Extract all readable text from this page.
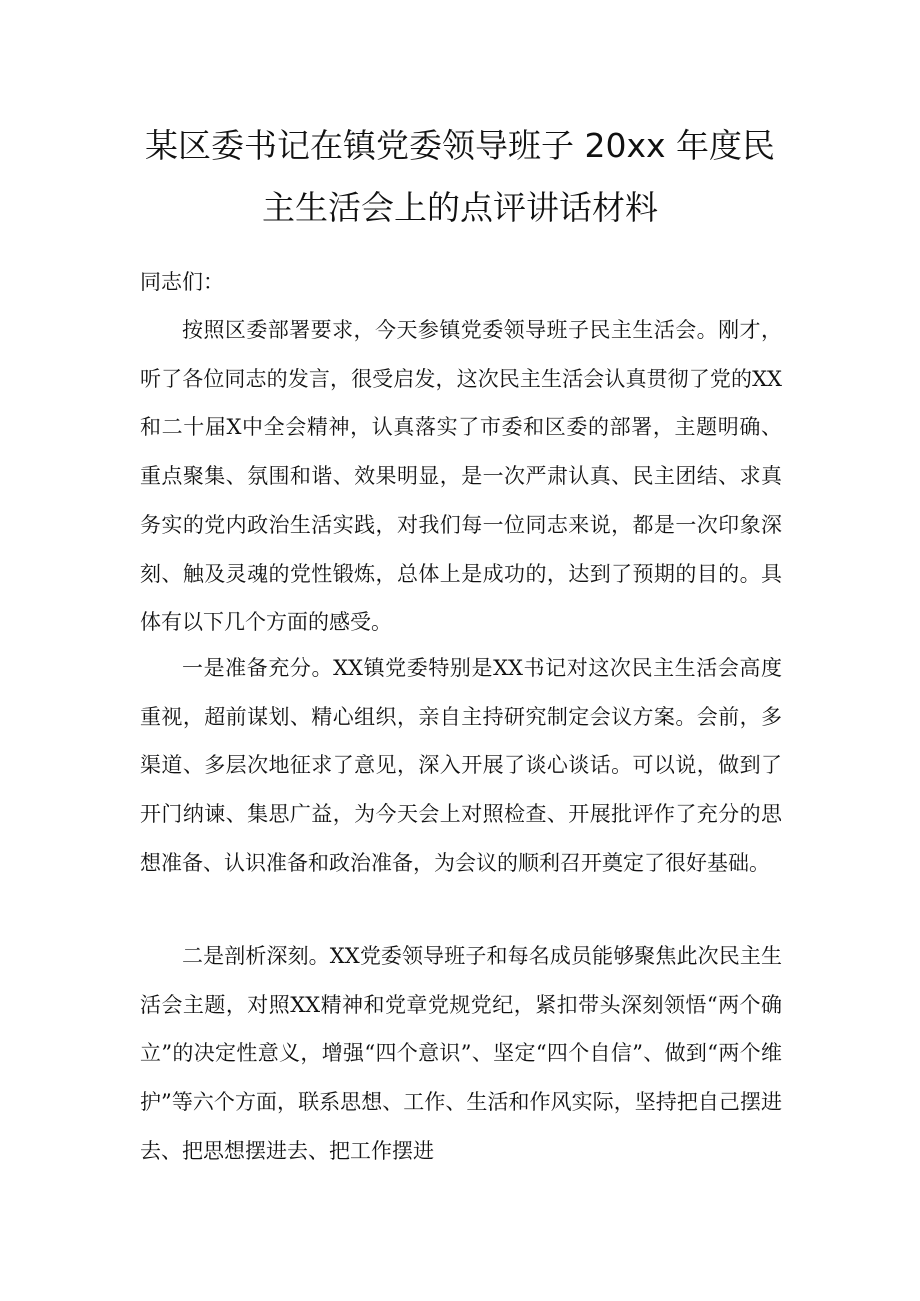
某区委书记在镇党委领导班子 20xx 年度民
主生活会上的点评讲话材料

同志们：

按照区委部署要求，今天参镇党委领导班子民主生活会。刚才，听了各位同志的发言，很受启发，这次民主生活会认真贯彻了党的XX和二十届X中全会精神，认真落实了市委和区委的部署，主题明确、重点聚集、氛围和谐、效果明显，是一次严肃认真、民主团结、求真务实的党内政治生活实践，对我们每一位同志来说，都是一次印象深刻、触及灵魂的党性锻炼，总体上是成功的，达到了预期的目的。具体有以下几个方面的感受。

一是准备充分。XX镇党委特别是XX书记对这次民主生活会高度重视，超前谋划、精心组织，亲自主持研究制定会议方案。会前，多渠道、多层次地征求了意见，深入开展了谈心谈话。可以说，做到了开门纳谏、集思广益，为今天会上对照检查、开展批评作了充分的思想准备、认识准备和政治准备，为会议的顺利召开奠定了很好基础。

二是剖析深刻。XX党委领导班子和每名成员能够聚焦此次民主生活会主题，对照XX精神和党章党规党纪，紧扣带头深刻领悟“两个确立”的决定性意义，增强“四个意识”、坚定“四个自信”、做到“两个维护”等六个方面，联系思想、工作、生活和作风实际，坚持把自己摆进去、把思想摆进去、把工作摆进
